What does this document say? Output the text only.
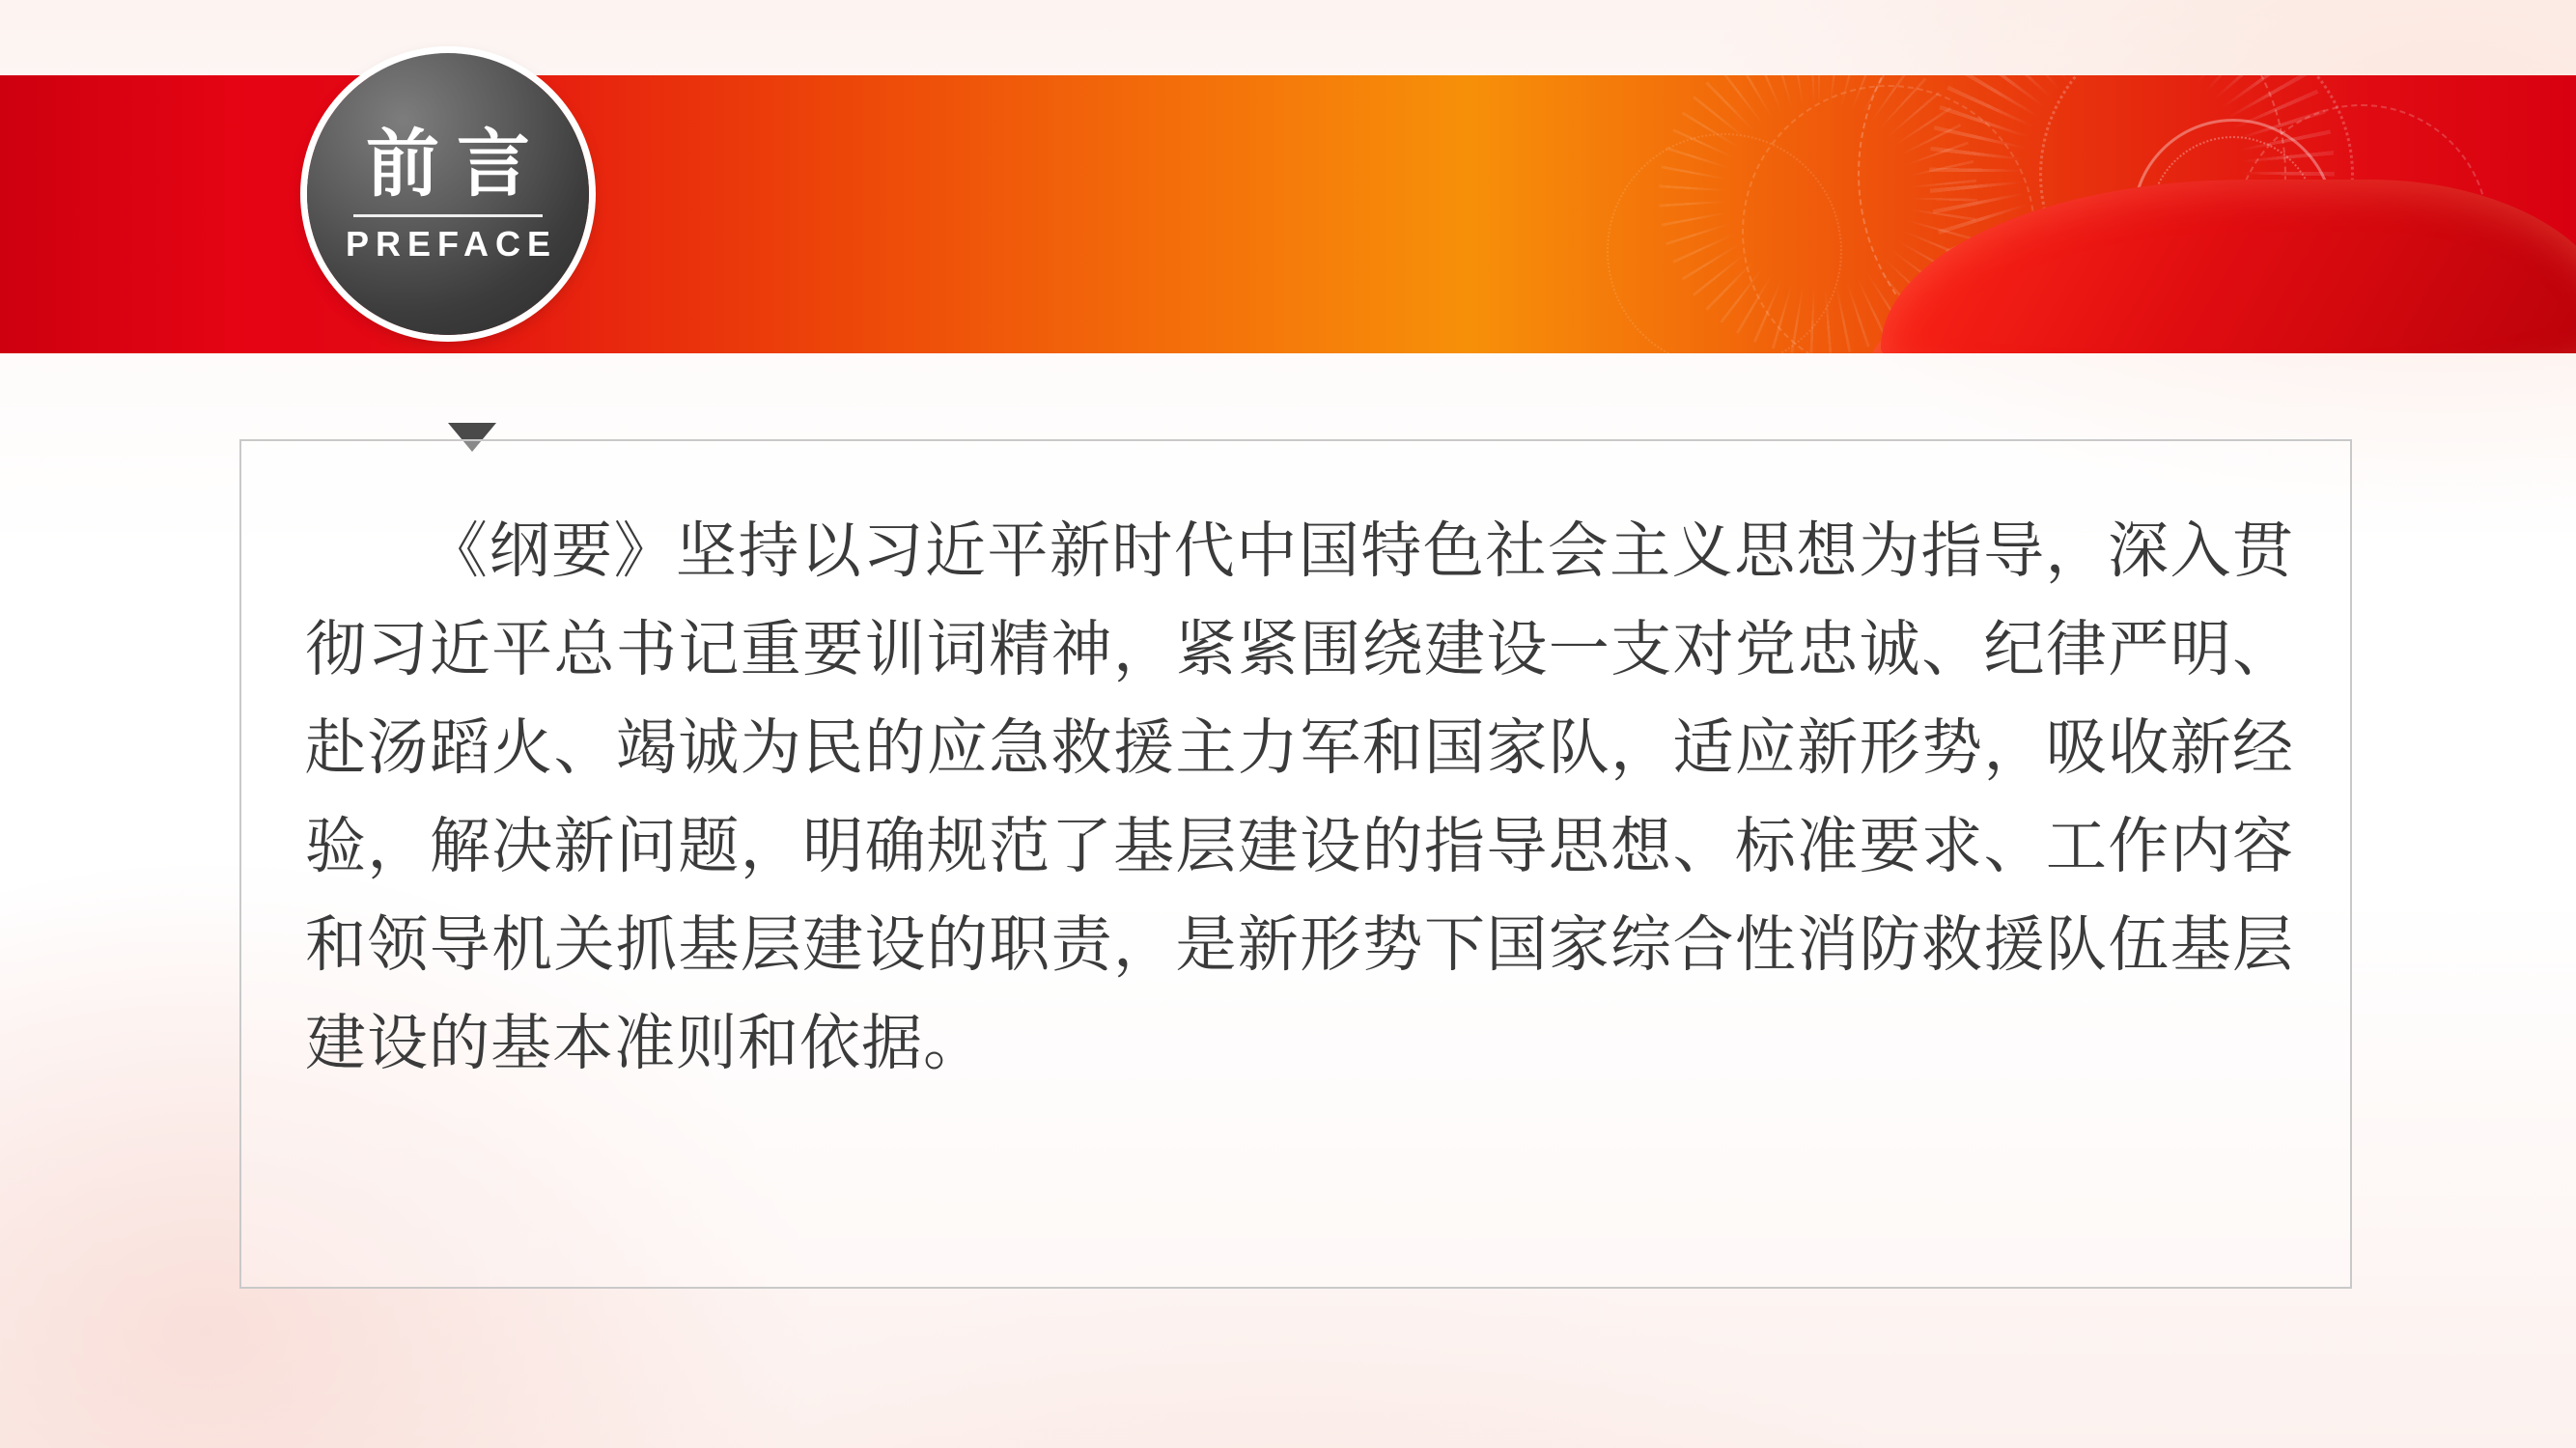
前言
PREFACE
《纲要》坚持以习近平新时代中国特色社会主义思想为指导，深入贯彻习近平总书记重要训词精神，紧紧围绕建设一支对党忠诚、纪律严明、赴汤蹈火、竭诚为民的应急救援主力军和国家队，适应新形势，吸收新经验，解决新问题，明确规范了基层建设的指导思想、标准要求、工作内容和领导机关抓基层建设的职责，是新形势下国家综合性消防救援队伍基层建设的基本准则和依据。
